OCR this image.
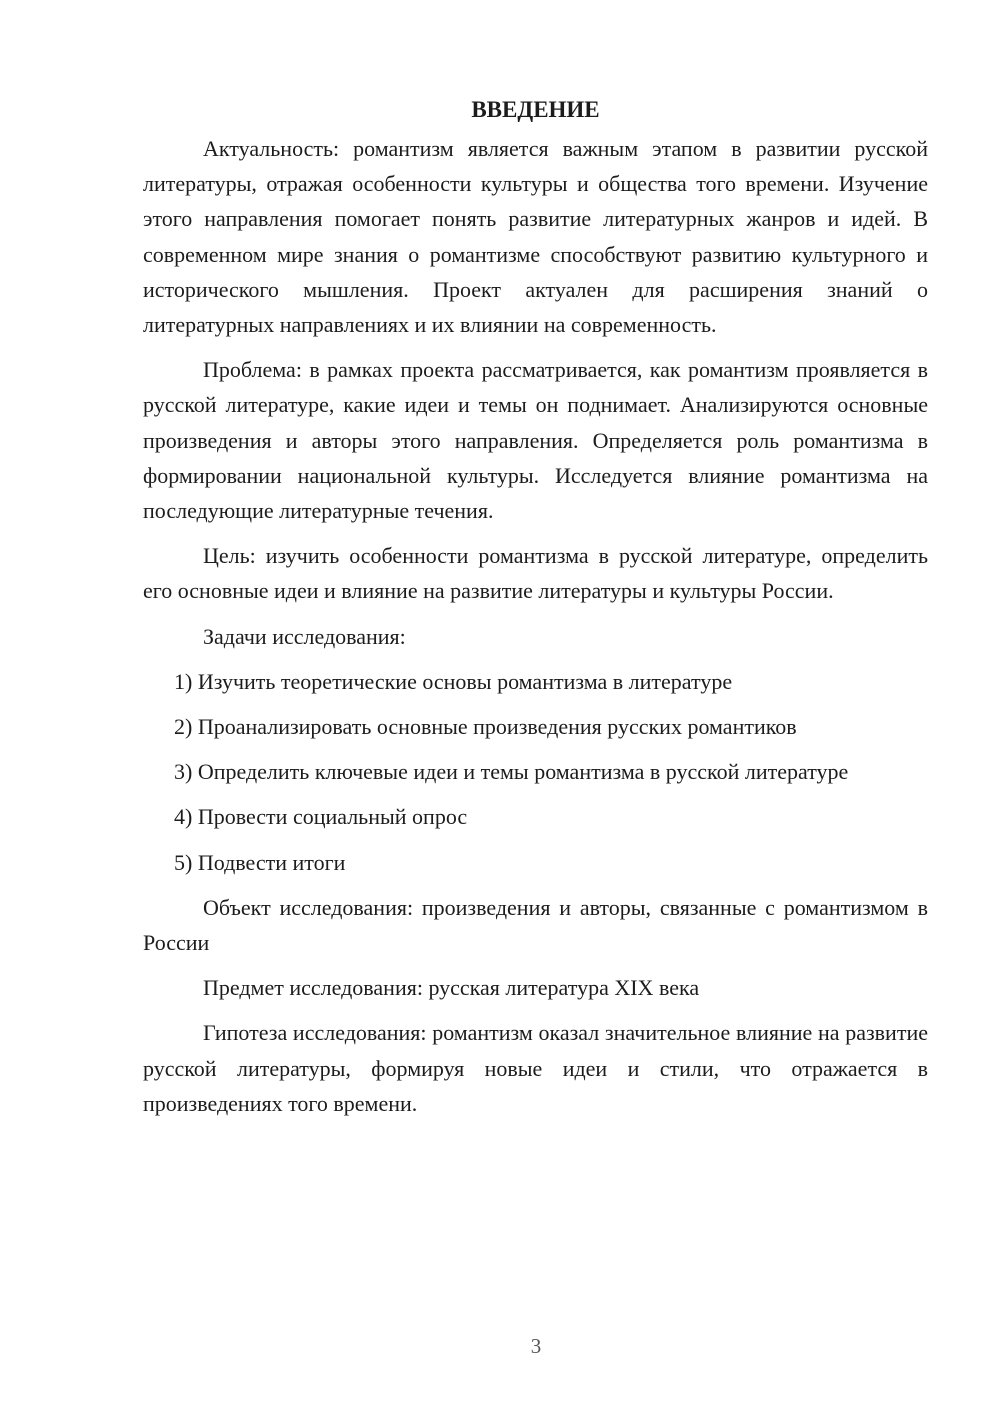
ВВЕДЕНИЕ

Актуальность: романтизм является важным этапом в развитии русской литературы, отражая особенности культуры и общества того времени. Изучение этого направления помогает понять развитие литературных жанров и идей. В современном мире знания о романтизме способствуют развитию культурного и исторического мышления. Проект актуален для расширения знаний о литературных направлениях и их влиянии на современность.

Проблема: в рамках проекта рассматривается, как романтизм проявляется в русской литературе, какие идеи и темы он поднимает. Анализируются основные произведения и авторы этого направления. Определяется роль романтизма в формировании национальной культуры. Исследуется влияние романтизма на последующие литературные течения.

Цель: изучить особенности романтизма в русской литературе, определить его основные идеи и влияние на развитие литературы и культуры России.

Задачи исследования:

1) Изучить теоретические основы романтизма в литературе

2) Проанализировать основные произведения русских романтиков

3) Определить ключевые идеи и темы романтизма в русской литературе

4) Провести социальный опрос

5) Подвести итоги

Объект исследования: произведения и авторы, связанные с романтизмом в России

Предмет исследования: русская литература XIX века

Гипотеза исследования: романтизм оказал значительное влияние на развитие русской литературы, формируя новые идеи и стили, что отражается в произведениях того времени.

3
